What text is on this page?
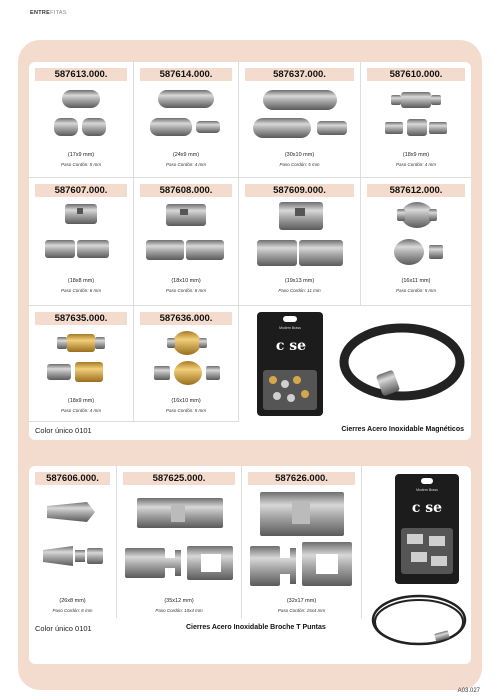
ENTREFITAS
587613.000.
(17x9 mm)
Paso Cordón: 5 mm
587614.000.
(24x9 mm)
Paso Cordón: 4 mm
587637.000.
(30x10 mm)
Paso Cordón: 5 mm
587610.000.
(18x9 mm)
Paso Cordón: 4 mm
587607.000.
(18x8 mm)
Paso Cordón: 6 mm
587608.000.
(18x10 mm)
Paso Cordón: 8 mm
587609.000.
(19x13 mm)
Paso Cordón: 11 mm
587612.000.
(16x11 mm)
Paso Cordón: 5 mm
587635.000.
(18x9 mm)
Paso Cordón: 4 mm
587636.000.
(16x10 mm)
Paso Cordón: 5 mm
c se
Modern Brass
Color único 0101	Cierres Acero Inoxidable Magnéticos
587606.000.
(26x8 mm)
Paso Cordón: 6 mm
587625.000.
(35x12 mm)
Paso Cordón: 10x4 mm
587626.000.
(32x17 mm)
Paso Cordón: 15x4 mm
c se
Modern Brass
Color único 0101	Cierres Acero Inoxidable Broche T Puntas
A03.027
